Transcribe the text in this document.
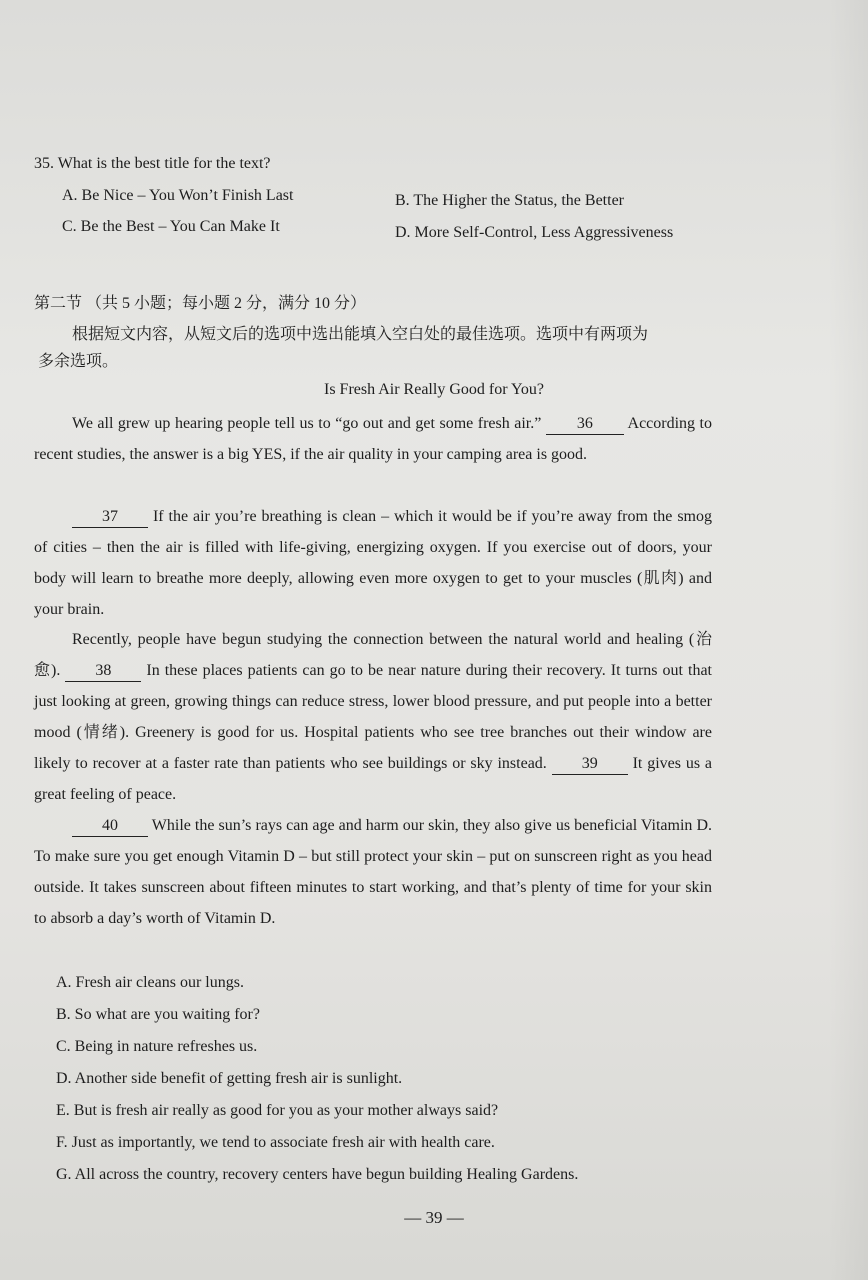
35. What is the best title for the text?
A. Be Nice – You Won’t Finish Last	B. The Higher the Status, the Better
C. Be the Best – You Can Make It	D. More Self-Control, Less Aggressiveness
第二节 （共 5 小题；每小题 2 分，满分 10 分）
根据短文内容，从短文后的选项中选出能填入空白处的最佳选项。选项中有两项为
多余选项。
Is Fresh Air Really Good for You?
We all grew up hearing people tell us to “go out and get some fresh air.” 36 According to recent studies, the answer is a big YES, if the air quality in your camping area is good.
37 If the air you’re breathing is clean – which it would be if you’re away from the smog of cities – then the air is filled with life-giving, energizing oxygen. If you exercise out of doors, your body will learn to breathe more deeply, allowing even more oxygen to get to your muscles (肌肉) and your brain.
Recently, people have begun studying the connection between the natural world and healing (治愈). 38 In these places patients can go to be near nature during their recovery. It turns out that just looking at green, growing things can reduce stress, lower blood pressure, and put people into a better mood (情绪). Greenery is good for us. Hospital patients who see tree branches out their window are likely to recover at a faster rate than patients who see buildings or sky instead. 39 It gives us a great feeling of peace.
40 While the sun’s rays can age and harm our skin, they also give us beneficial Vitamin D. To make sure you get enough Vitamin D – but still protect your skin – put on sunscreen right as you head outside. It takes sunscreen about fifteen minutes to start working, and that’s plenty of time for your skin to absorb a day’s worth of Vitamin D.
A. Fresh air cleans our lungs.
B. So what are you waiting for?
C. Being in nature refreshes us.
D. Another side benefit of getting fresh air is sunlight.
E. But is fresh air really as good for you as your mother always said?
F. Just as importantly, we tend to associate fresh air with health care.
G. All across the country, recovery centers have begun building Healing Gardens.
— 39 —
